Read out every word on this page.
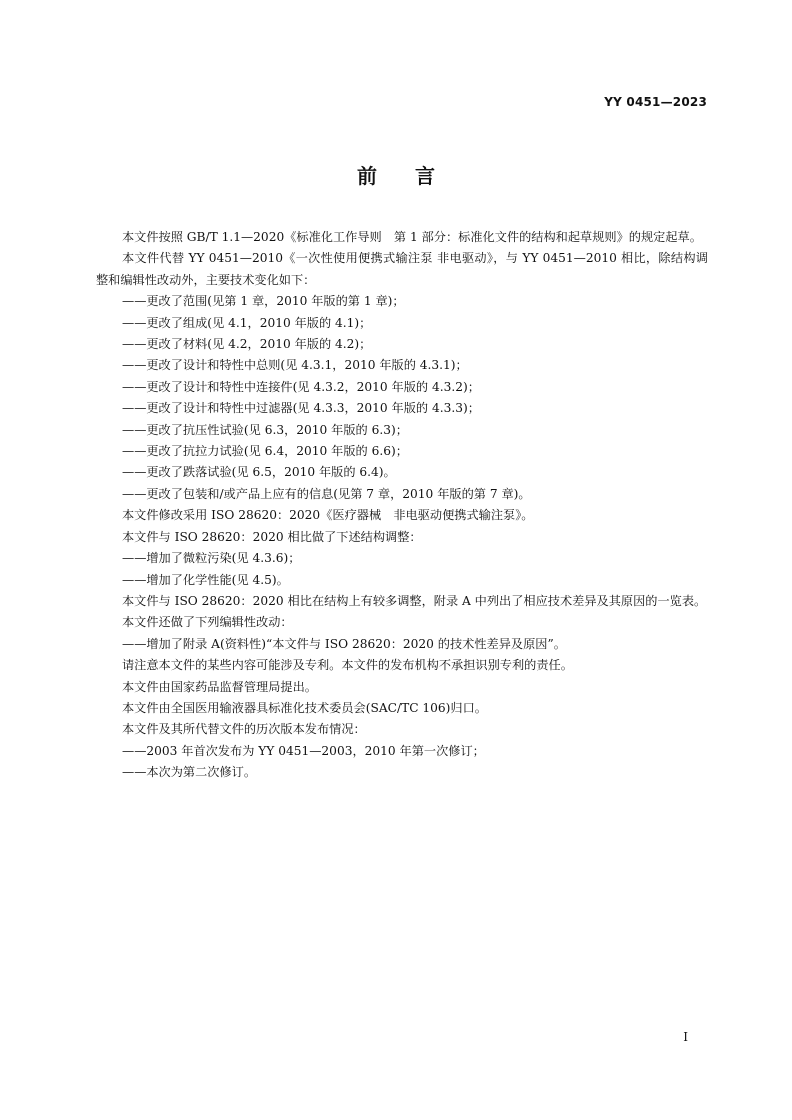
YY 0451—2023
前言

本文件按照 GB/T 1.1—2020《标准化工作导则　第 1 部分：标准化文件的结构和起草规则》的规定起草。

本文件代替 YY 0451—2010《一次性使用便携式输注泵 非电驱动》，与 YY 0451—2010 相比，除结构调整和编辑性改动外，主要技术变化如下：

——更改了范围(见第 1 章，2010 年版的第 1 章)；

——更改了组成(见 4.1，2010 年版的 4.1)；

——更改了材料(见 4.2，2010 年版的 4.2)；

——更改了设计和特性中总则(见 4.3.1，2010 年版的 4.3.1)；

——更改了设计和特性中连接件(见 4.3.2，2010 年版的 4.3.2)；

——更改了设计和特性中过滤器(见 4.3.3，2010 年版的 4.3.3)；

——更改了抗压性试验(见 6.3，2010 年版的 6.3)；

——更改了抗拉力试验(见 6.4，2010 年版的 6.6)；

——更改了跌落试验(见 6.5，2010 年版的 6.4)。

——更改了包装和/或产品上应有的信息(见第 7 章，2010 年版的第 7 章)。

本文件修改采用 ISO 28620：2020《医疗器械　非电驱动便携式输注泵》。

本文件与 ISO 28620：2020 相比做了下述结构调整：

——增加了微粒污染(见 4.3.6)；

——增加了化学性能(见 4.5)。

本文件与 ISO 28620：2020 相比在结构上有较多调整，附录 A 中列出了相应技术差异及其原因的一览表。

本文件还做了下列编辑性改动：

——增加了附录 A(资料性)“本文件与 ISO 28620：2020 的技术性差异及原因”。

请注意本文件的某些内容可能涉及专利。本文件的发布机构不承担识别专利的责任。

本文件由国家药品监督管理局提出。

本文件由全国医用输液器具标准化技术委员会(SAC/TC 106)归口。

本文件及其所代替文件的历次版本发布情况：

——2003 年首次发布为 YY 0451—2003，2010 年第一次修订；

——本次为第二次修订。

I
